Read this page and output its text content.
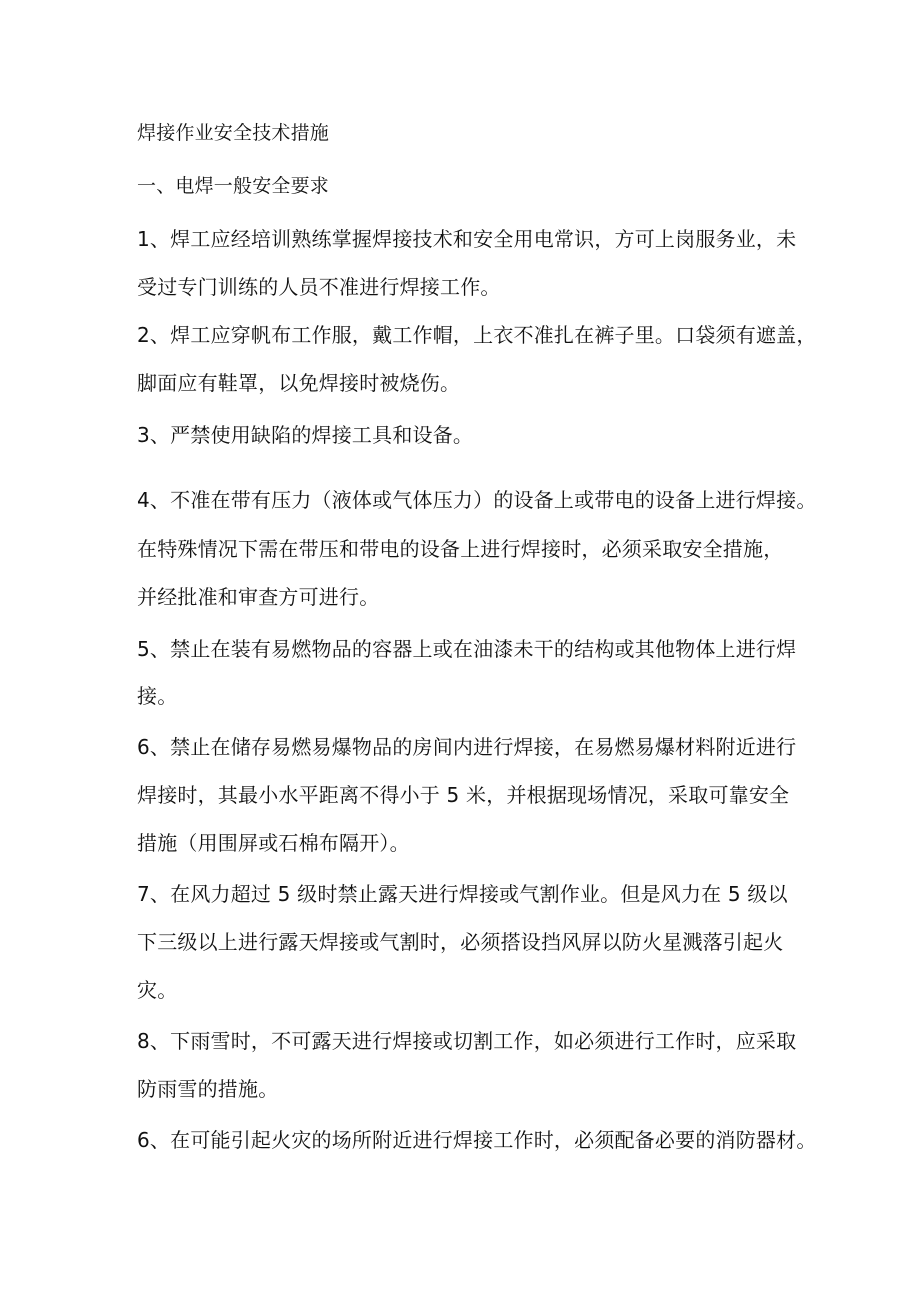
焊接作业安全技术措施
一、电焊一般安全要求
1、焊工应经培训熟练掌握焊接技术和安全用电常识，方可上岗服务业，未
受过专门训练的人员不准进行焊接工作。
2、焊工应穿帆布工作服，戴工作帽，上衣不准扎在裤子里。口袋须有遮盖，
脚面应有鞋罩，以免焊接时被烧伤。
3、严禁使用缺陷的焊接工具和设备。
4、不准在带有压力（液体或气体压力）的设备上或带电的设备上进行焊接。
在特殊情况下需在带压和带电的设备上进行焊接时，必须采取安全措施，
并经批准和审查方可进行。
5、禁止在装有易燃物品的容器上或在油漆未干的结构或其他物体上进行焊
接。
6、禁止在储存易燃易爆物品的房间内进行焊接，在易燃易爆材料附近进行
焊接时，其最小水平距离不得小于 5 米，并根据现场情况，采取可靠安全
措施（用围屏或石棉布隔开）。
7、在风力超过 5 级时禁止露天进行焊接或气割作业。但是风力在 5 级以
下三级以上进行露天焊接或气割时，必须搭设挡风屏以防火星溅落引起火
灾。
8、下雨雪时，不可露天进行焊接或切割工作，如必须进行工作时，应采取
防雨雪的措施。
6、在可能引起火灾的场所附近进行焊接工作时，必须配备必要的消防器材。
